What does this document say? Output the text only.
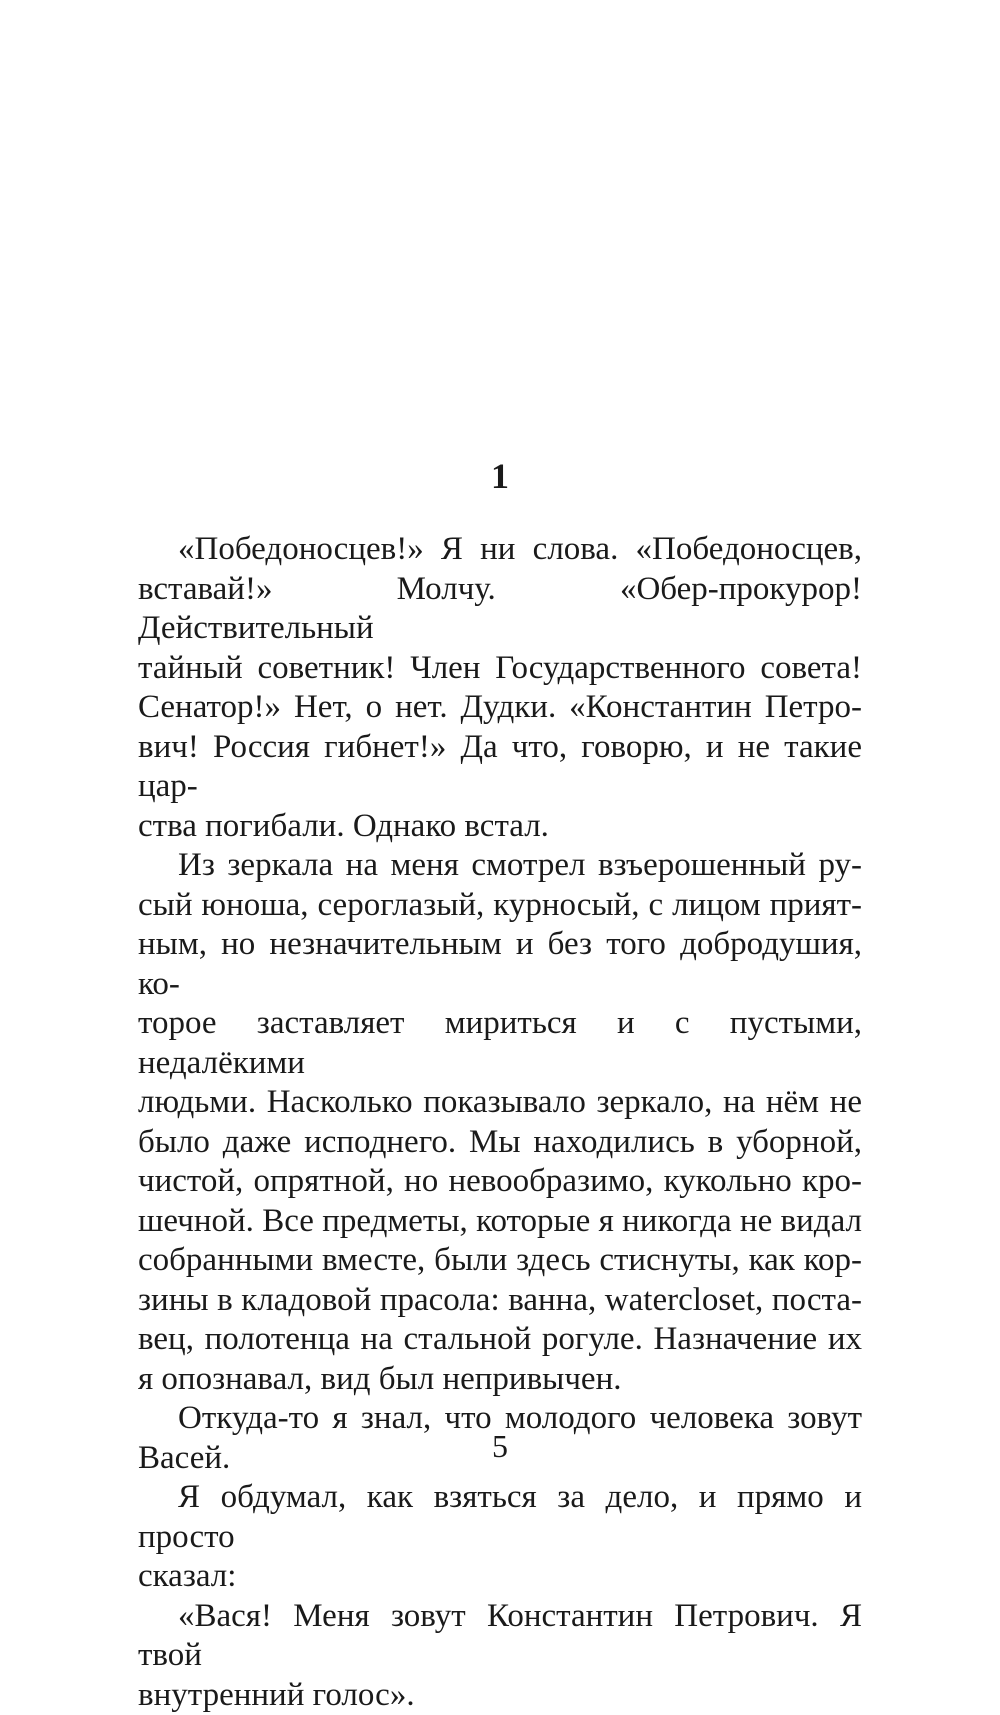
1

«Победоносцев!» Я ни слова. «Победоносцев,
вставай!» Молчу. «Обер-прокурор! Действительный
тайный советник! Член Государственного совета!
Сенатор!» Нет, о нет. Дудки. «Константин Петро-
вич! Россия гибнет!» Да что, говорю, и не такие цар-
ства погибали. Однако встал.

Из зеркала на меня смотрел взъерошенный ру-
сый юноша, сероглазый, курносый, с лицом прият-
ным, но незначительным и без того добродушия, ко-
торое заставляет мириться и с пустыми, недалёкими
людьми. Насколько показывало зеркало, на нём не
было даже исподнего. Мы находились в уборной,
чистой, опрятной, но невообразимо, кукольно кро-
шечной. Все предметы, которые я никогда не видал
собранными вместе, были здесь стиснуты, как кор-
зины в кладовой прасола: ванна, watercloset, поста-
вец, полотенца на стальной рогуле. Назначение их
я опознавал, вид был непривычен.

Откуда-то я знал, что молодого человека зовут
Васей.

Я обдумал, как взяться за дело, и прямо и просто
сказал:

«Вася! Меня зовут Константин Петрович. Я твой
внутренний голос».

5
